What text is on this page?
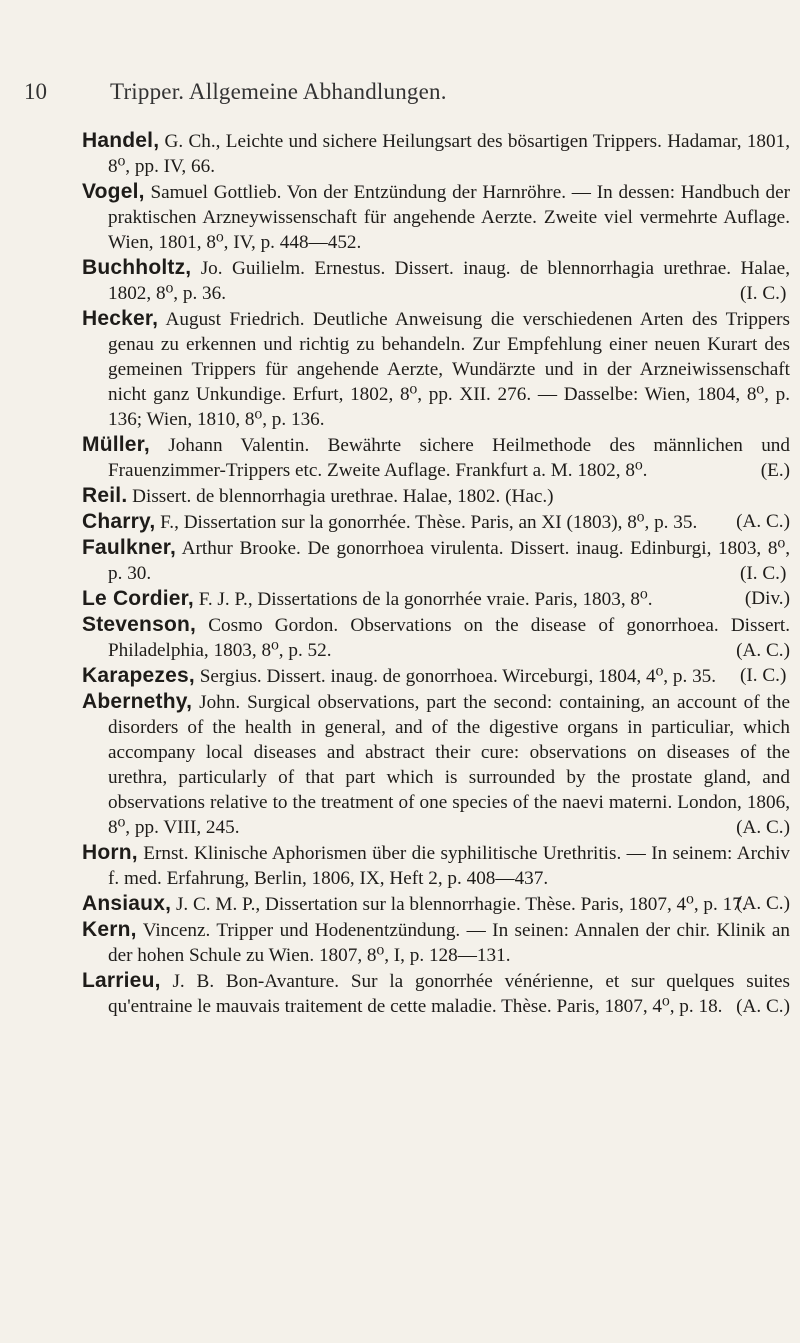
10	Tripper. Allgemeine Abhandlungen.
Handel, G. Ch., Leichte und sichere Heilungsart des bösartigen Trippers. Hadamar, 1801, 8⁰, pp. IV, 66.
Vogel, Samuel Gottlieb. Von der Entzündung der Harnröhre. — In dessen: Handbuch der praktischen Arzneywissenschaft für angehende Aerzte. Zweite viel vermehrte Auflage. Wien, 1801, 8⁰, IV, p. 448—452.
Buchholtz, Jo. Guilielm. Ernestus. Dissert. inaug. de blennorrhagia urethrae. Halae, 1802, 8⁰, p. 36.	(I. C.)
Hecker, August Friedrich. Deutliche Anweisung die verschiedenen Arten des Trippers genau zu erkennen und richtig zu behandeln. Zur Empfehlung einer neuen Kurart des gemeinen Trippers für angehende Aerzte, Wundärzte und in der Arzneiwissenschaft nicht ganz Unkundige. Erfurt, 1802, 8⁰, pp. XII. 276. — Dasselbe: Wien, 1804, 8⁰, p. 136; Wien, 1810, 8⁰, p. 136.
Müller, Johann Valentin. Bewährte sichere Heilmethode des männlichen und Frauenzimmer-Trippers etc. Zweite Auflage. Frankfurt a. M. 1802, 8⁰.	(E.)
Reil. Dissert. de blennorrhagia urethrae. Halae, 1802. (Hac.)
Charry, F., Dissertation sur la gonorrhée. Thèse. Paris, an XI (1803), 8⁰, p. 35. (A. C.)
Faulkner, Arthur Brooke. De gonorrhoea virulenta. Dissert. inaug. Edinburgi, 1803, 8⁰, p. 30.	(I. C.)
Le Cordier, F. J. P., Dissertations de la gonorrhée vraie. Paris, 1803, 8⁰.	(Div.)
Stevenson, Cosmo Gordon. Observations on the disease of gonorrhoea. Dissert. Philadelphia, 1803, 8⁰, p. 52.	(A. C.)
Karapezes, Sergius. Dissert. inaug. de gonorrhoea. Wirceburgi, 1804, 4⁰, p. 35. (I. C.)
Abernethy, John. Surgical observations, part the second: containing, an account of the disorders of the health in general, and of the digestive organs in particuliar, which accompany local diseases and abstract their cure: observations on diseases of the urethra, particularly of that part which is surrounded by the prostate gland, and observations relative to the treatment of one species of the naevi materni. London, 1806, 8⁰, pp. VIII, 245.	(A. C.)
Horn, Ernst. Klinische Aphorismen über die syphilitische Urethritis. — In seinem: Archiv f. med. Erfahrung, Berlin, 1806, IX, Heft 2, p. 408—437.
Ansiaux, J. C. M. P., Dissertation sur la blennorrhagie. Thèse. Paris, 1807, 4⁰, p. 17.
(A. C.)
Kern, Vincenz. Tripper und Hodenentzündung. — In seinen: Annalen der chir. Klinik an der hohen Schule zu Wien. 1807, 8⁰, I, p. 128—131.
Larrieu, J. B. Bon-Avanture. Sur la gonorrhée vénérienne, et sur quelques suites qu'entraine le mauvais traitement de cette maladie. Thèse. Paris, 1807, 4⁰, p. 18. (A. C.)
